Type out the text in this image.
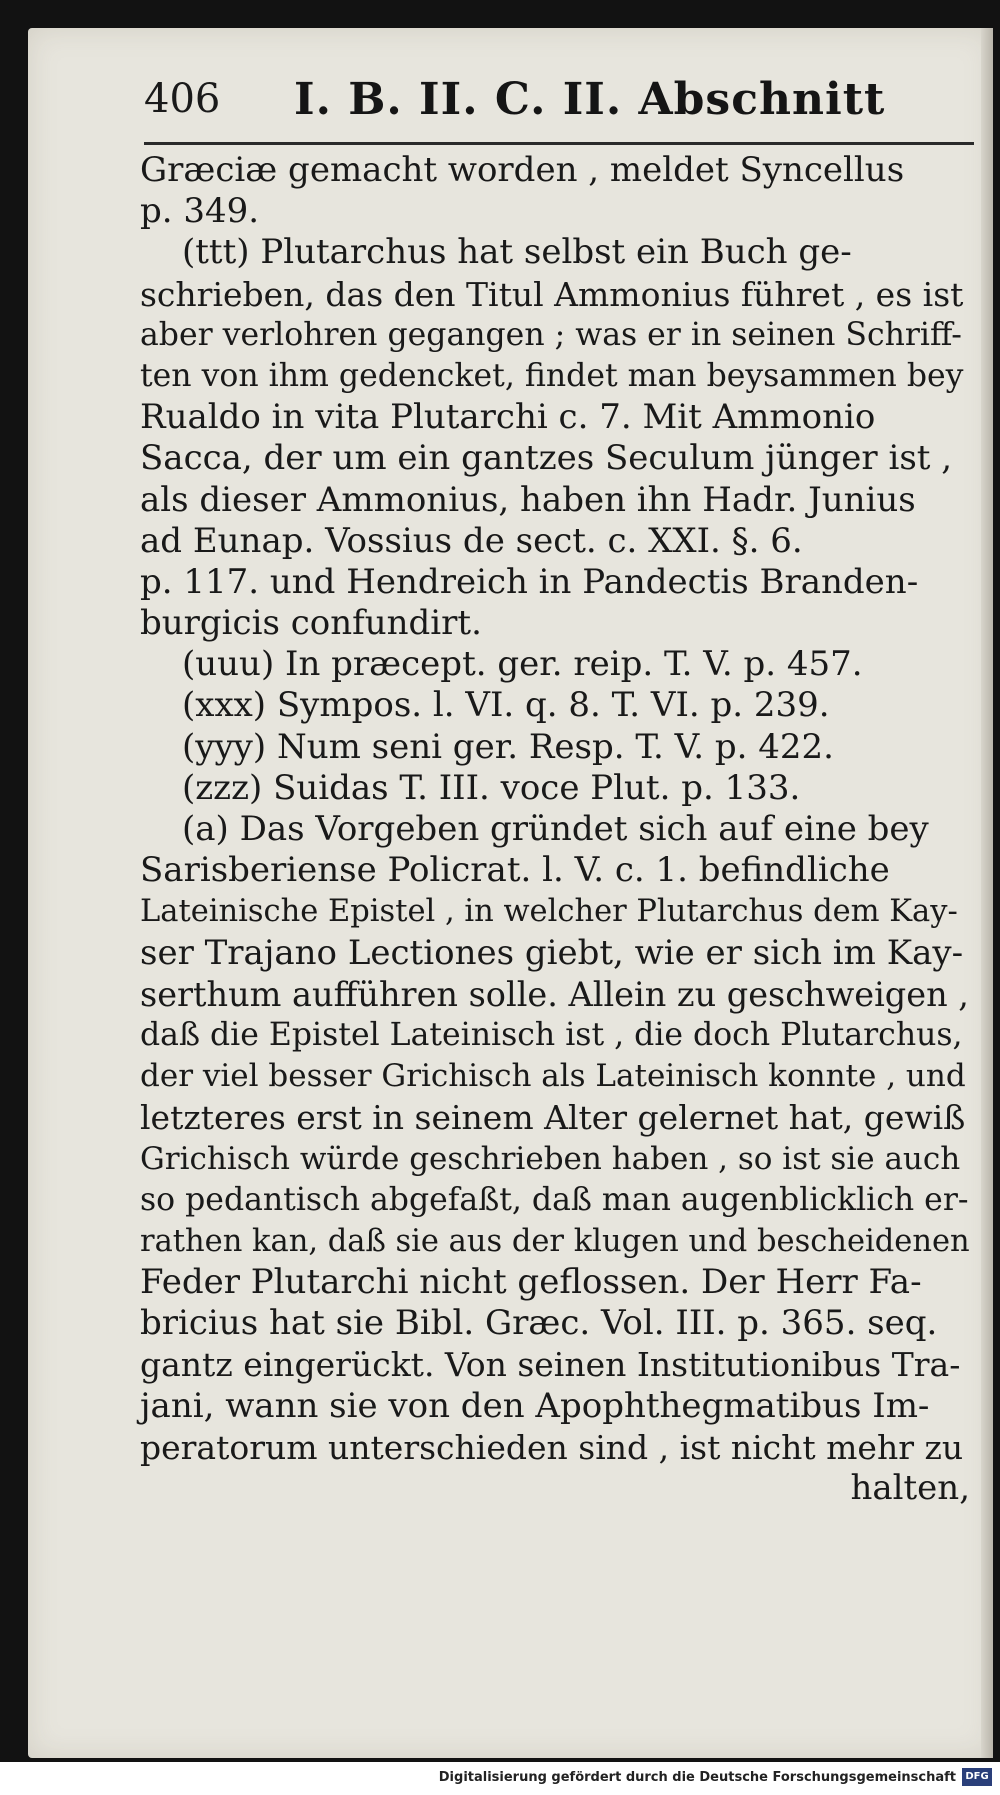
406 I. B. II. C. II. Abschnitt
Græciæ gemacht worden , meldet Syncellus
p. 349.
(ttt) Plutarchus hat selbst ein Buch ge-
schrieben, das den Titul Ammonius führet , es ist
aber verlohren gegangen ; was er in seinen Schriff-
ten von ihm gedencket, findet man beysammen bey
Rualdo in vita Plutarchi c. 7. Mit Ammonio
Sacca, der um ein gantzes Seculum jünger ist ,
als dieser Ammonius, haben ihn Hadr. Junius
ad Eunap. Vossius de sect. c. XXI. §. 6.
p. 117. und Hendreich in Pandectis Branden-
burgicis confundirt.
(uuu) In præcept. ger. reip. T. V. p. 457.
(xxx) Sympos. l. VI. q. 8. T. VI. p. 239.
(yyy) Num seni ger. Resp. T. V. p. 422.
(zzz) Suidas T. III. voce Plut. p. 133.
(a) Das Vorgeben gründet sich auf eine bey
Sarisberiense Policrat. l. V. c. 1. befindliche
Lateinische Epistel , in welcher Plutarchus dem Kay-
ser Trajano Lectiones giebt, wie er sich im Kay-
serthum aufführen solle. Allein zu geschweigen ,
daß die Epistel Lateinisch ist , die doch Plutarchus,
der viel besser Grichisch als Lateinisch konnte , und
letzteres erst in seinem Alter gelernet hat, gewiß
Grichisch würde geschrieben haben , so ist sie auch
so pedantisch abgefaßt, daß man augenblicklich er-
rathen kan, daß sie aus der klugen und bescheidenen
Feder Plutarchi nicht geflossen. Der Herr Fa-
bricius hat sie Bibl. Græc. Vol. III. p. 365. seq.
gantz eingerückt. Von seinen Institutionibus Tra-
jani, wann sie von den Apophthegmatibus Im-
peratorum unterschieden sind , ist nicht mehr zu
halten,
Digitalisierung gefördert durch die Deutsche Forschungsgemeinschaft DFG
